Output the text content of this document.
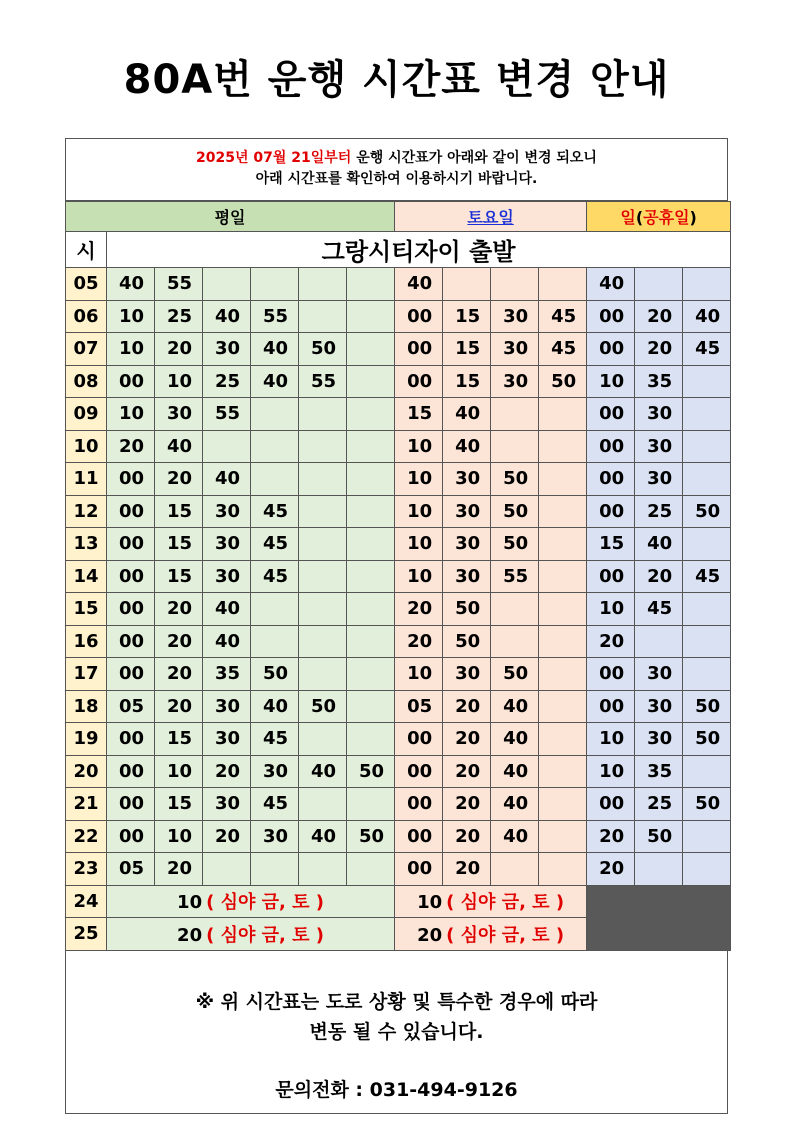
80A번 운행 시간표 변경 안내
2025년 07월 21일부터 운행 시간표가 아래와 같이 변경 되오니
아래 시간표를 확인하여 이용하시기 바랍니다.
평일							토요일				일(공휴일)		
시	그랑시티자이 출발												
05	40	55					40				40		
06	10	25	40	55			00	15	30	45	00	20	40
07	10	20	30	40	50		00	15	30	45	00	20	45
08	00	10	25	40	55		00	15	30	50	10	35	
09	10	30	55				15	40			00	30	
10	20	40					10	40			00	30	
11	00	20	40				10	30	50		00	30	
12	00	15	30	45			10	30	50		00	25	50
13	00	15	30	45			10	30	50		15	40	
14	00	15	30	45			10	30	55		00	20	45
15	00	20	40				20	50			10	45	
16	00	20	40				20	50			20		
17	00	20	35	50			10	30	50		00	30	
18	05	20	30	40	50		05	20	40		00	30	50
19	00	15	30	45			00	20	40		10	30	50
20	00	10	20	30	40	50	00	20	40		10	35	
21	00	15	30	45			00	20	40		00	25	50
22	00	10	20	30	40	50	00	20	40		20	50	
23	05	20					00	20			20		
24	10 ( 심야 금, 토 )						10 ( 심야 금, 토 )						
25	20 ( 심야 금, 토 )						20 ( 심야 금, 토 )						
※ 위 시간표는 도로 상황 및 특수한 경우에 따라
변동 될 수 있습니다.
문의전화 : 031-494-9126
